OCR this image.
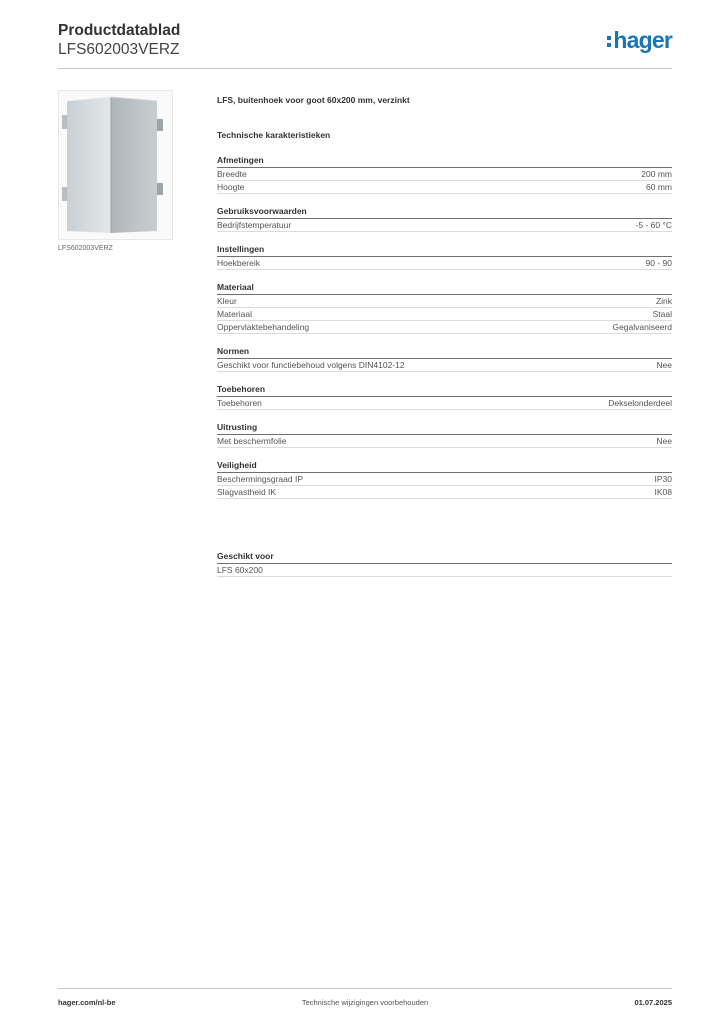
Productdatablad
LFS602003VERZ	hager
LFS602003VERZ
LFS, buitenhoek voor goot 60x200 mm, verzinkt
Technische karakteristieken
Afmetingen
Breedte	200 mm
Hoogte	60 mm
Gebruiksvoorwaarden
Bedrijfstemperatuur	-5 - 60 °C
Instellingen
Hoekbereik	90 - 90
Materiaal
Kleur	Zink
Materiaal	Staal
Oppervlaktebehandeling	Gegalvaniseerd
Normen
Geschikt voor functiebehoud volgens DIN4102-12	Nee
Toebehoren
Toebehoren	Dekselonderdeel
Uitrusting
Met beschermfolie	Nee
Veiligheid
Beschermingsgraad IP	IP30
Slagvastheid IK	IK08
Geschikt voor
LFS 60x200
hager.com/nl-be	Technische wijzigingen voorbehouden	01.07.2025
